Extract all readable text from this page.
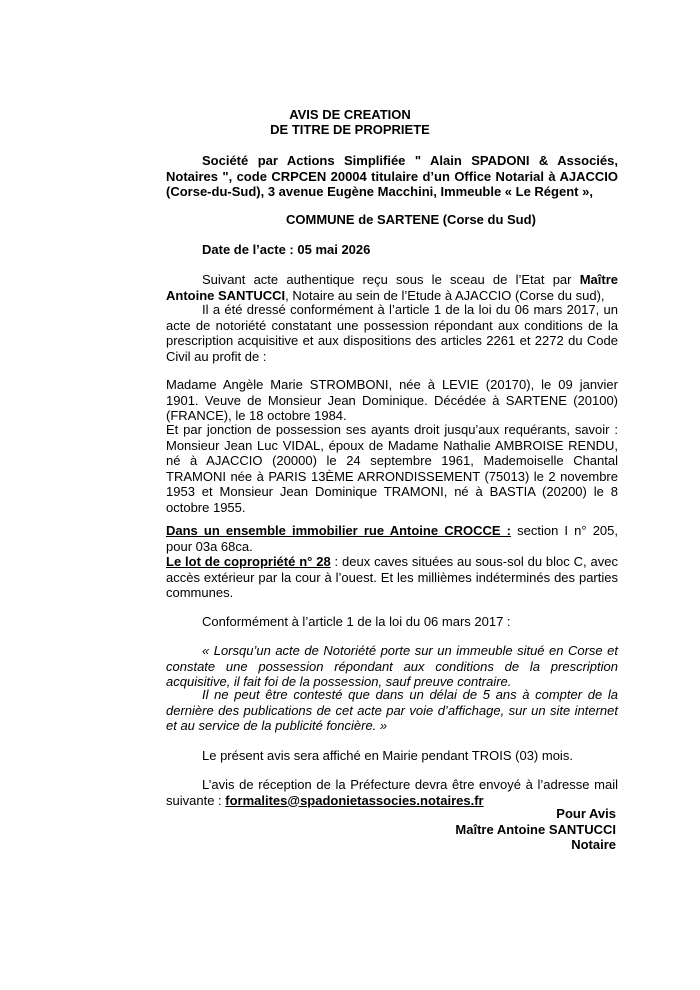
AVIS DE CREATION
DE TITRE DE PROPRIETE
Société par Actions Simplifiée " Alain SPADONI & Associés, Notaires ", code CRPCEN 20004 titulaire d’un Office Notarial à AJACCIO (Corse-du-Sud), 3 avenue Eugène Macchini, Immeuble « Le Régent »,
COMMUNE de SARTENE (Corse du Sud)
Date de l’acte : 05 mai 2026
Suivant acte authentique reçu sous le sceau de l’Etat par Maître Antoine SANTUCCI, Notaire au sein de l’Etude à AJACCIO (Corse du sud),
Il a été dressé conformément à l’article 1 de la loi du 06 mars 2017, un acte de notoriété constatant une possession répondant aux conditions de la prescription acquisitive et aux dispositions des articles 2261 et 2272 du Code Civil au profit de :
Madame Angèle Marie STROMBONI, née à LEVIE (20170), le 09 janvier 1901. Veuve de Monsieur Jean Dominique. Décédée à SARTENE (20100) (FRANCE), le 18 octobre 1984.
Et par jonction de possession ses ayants droit jusqu’aux requérants, savoir : Monsieur Jean Luc VIDAL, époux de Madame Nathalie AMBROISE RENDU, né à AJACCIO (20000) le 24 septembre 1961, Mademoiselle Chantal TRAMONI née à PARIS 13ÈME ARRONDISSEMENT (75013) le 2 novembre 1953 et Monsieur Jean Dominique TRAMONI, né à BASTIA (20200) le 8 octobre 1955.
Dans un ensemble immobilier rue Antoine CROCCE : section I n° 205, pour 03a 68ca.
Le lot de copropriété n° 28 : deux caves situées au sous-sol du bloc C, avec accès extérieur par la cour à l’ouest. Et les millièmes indéterminés des parties communes.
Conformément à l’article 1 de la loi du 06 mars 2017 :
« Lorsqu’un acte de Notoriété porte sur un immeuble situé en Corse et constate une possession répondant aux conditions de la prescription acquisitive, il fait foi de la possession, sauf preuve contraire.
Il ne peut être contesté que dans un délai de 5 ans à compter de la dernière des publications de cet acte par voie d’affichage, sur un site internet et au service de la publicité foncière. »
Le présent avis sera affiché en Mairie pendant TROIS (03) mois.
L’avis de réception de la Préfecture devra être envoyé à l’adresse mail suivante : formalites@spadonietassocies.notaires.fr
Pour Avis
Maître Antoine SANTUCCI
Notaire
